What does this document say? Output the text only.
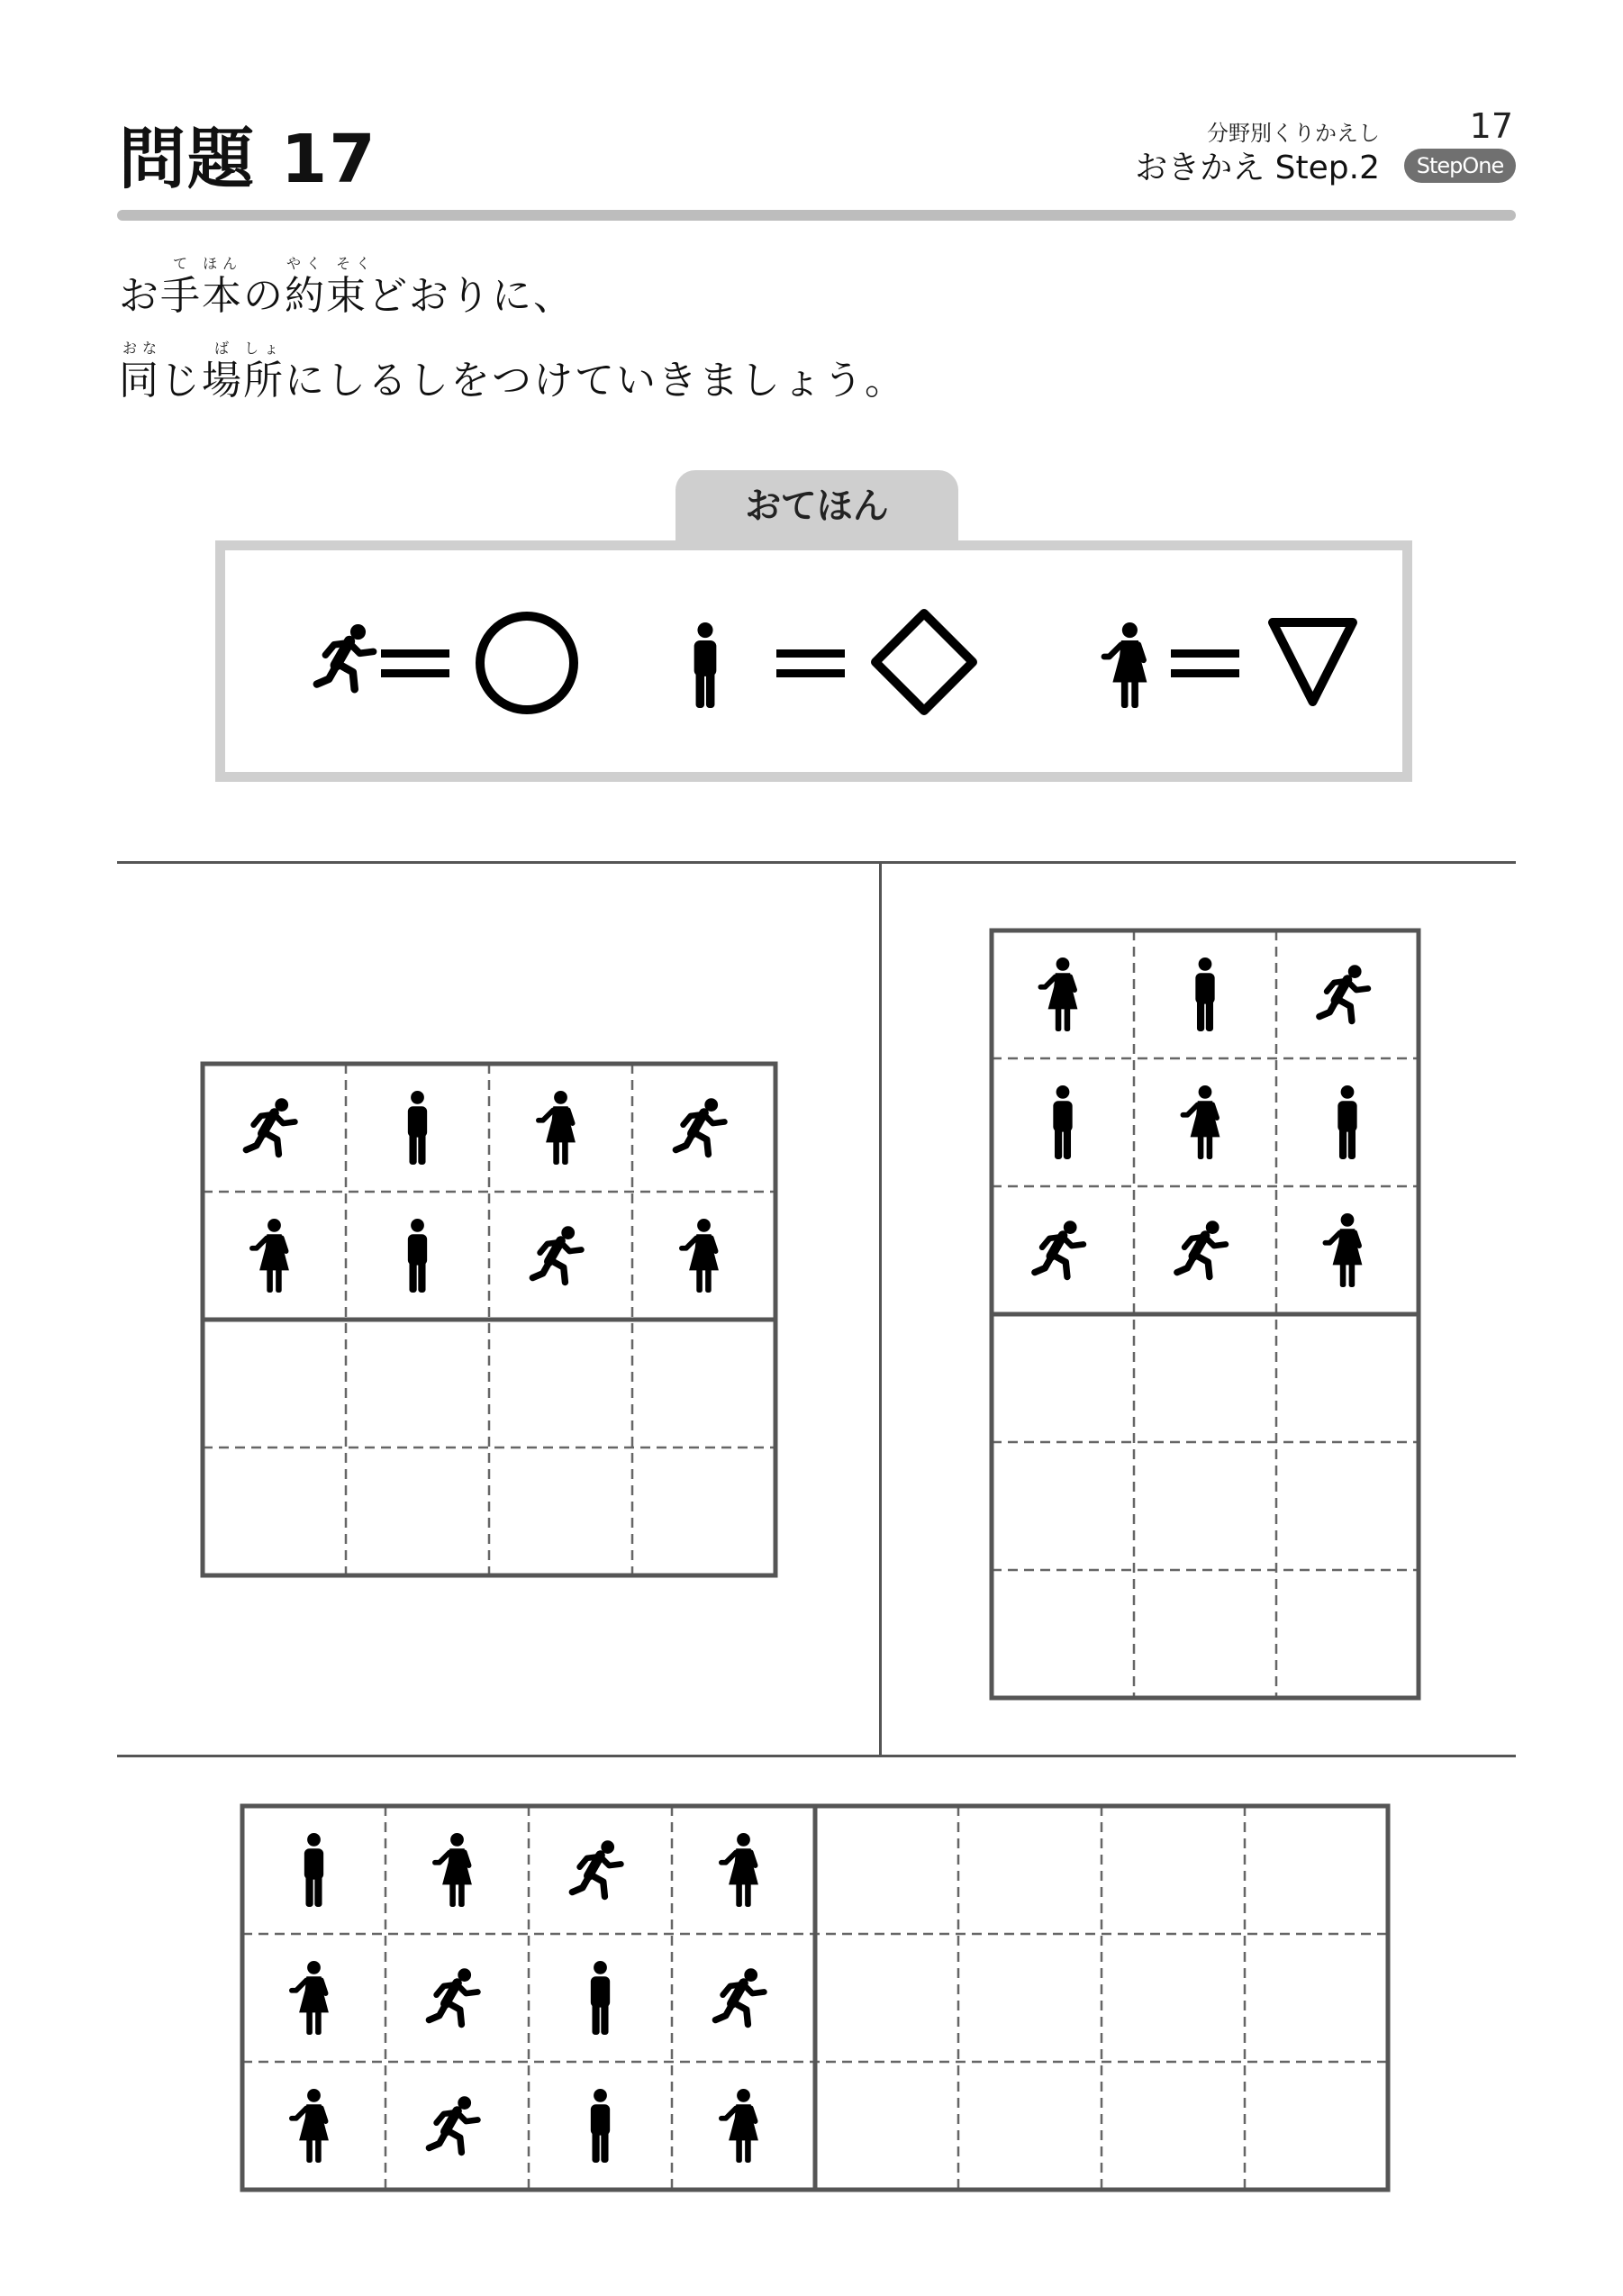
問題 17	分野別くりかえし	17
おきかえ Step.2	StepOne
て ほん	やく そく
お手本の約束どおりに、
おな	ば しょ
同じ場所にしるしをつけていきましょう。
おてほん
